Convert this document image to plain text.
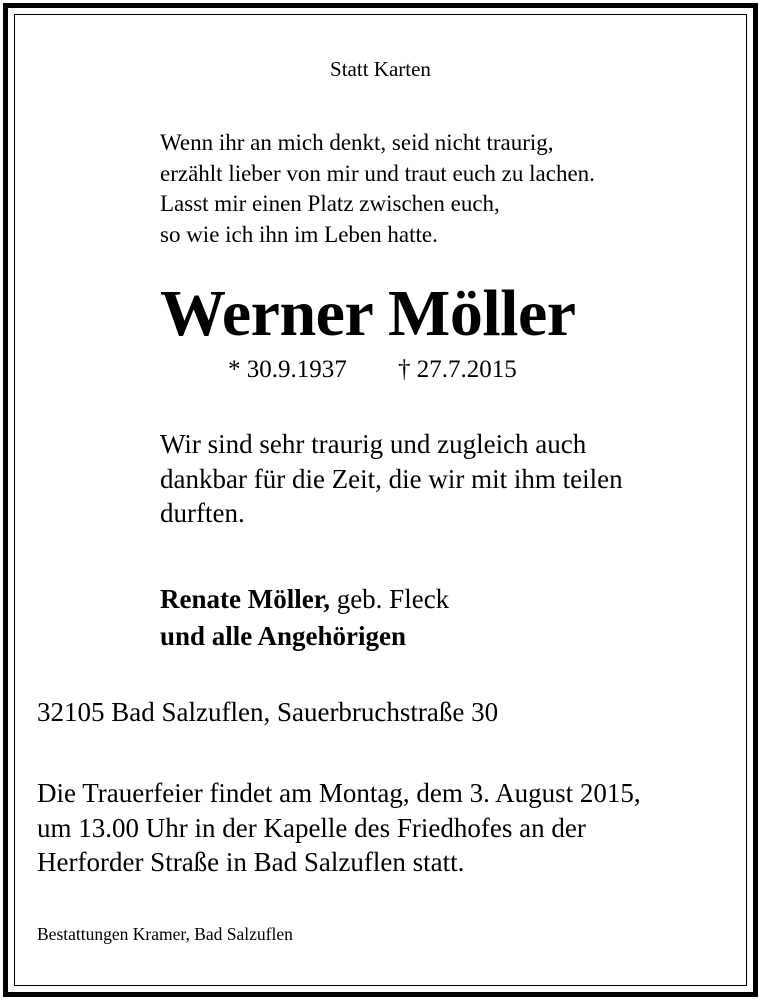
Statt Karten

Wenn ihr an mich denkt, seid nicht traurig,
erzählt lieber von mir und traut euch zu lachen.
Lasst mir einen Platz zwischen euch,
so wie ich ihn im Leben hatte.
Werner Möller
* 30.9.1937 † 27.7.2015
Wir sind sehr traurig und zugleich auch
dankbar für die Zeit, die wir mit ihm teilen
durften.
Renate Möller, geb. Fleck
und alle Angehörigen

32105 Bad Salzuflen, Sauerbruchstraße 30

Die Trauerfeier findet am Montag, dem 3. August 2015,
um 13.00 Uhr in der Kapelle des Friedhofes an der
Herforder Straße in Bad Salzuflen statt.

Bestattungen Kramer, Bad Salzuflen
